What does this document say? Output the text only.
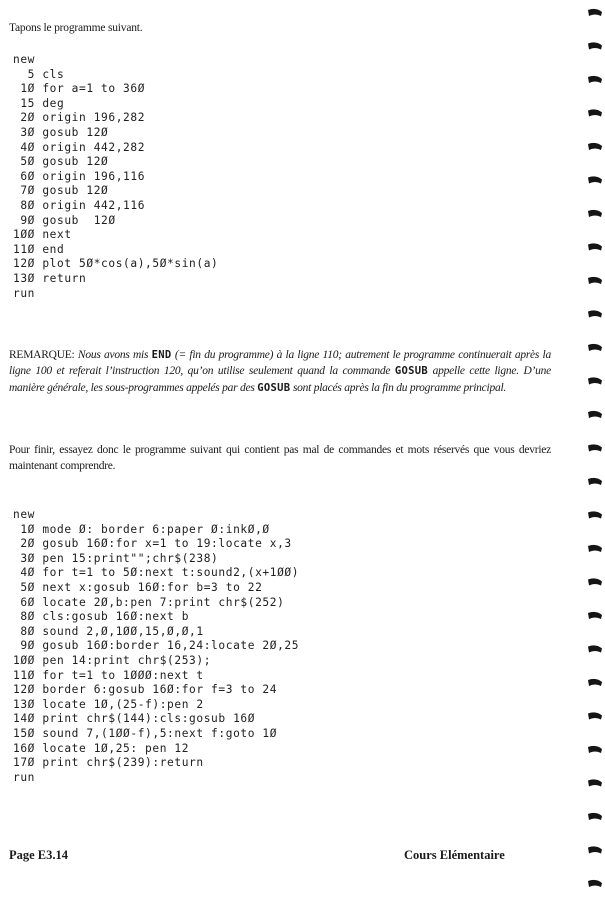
Tapons le programme suivant.
new
5 cls
1Ø for a=1 to 36Ø
15 deg
2Ø origin 196,282
3Ø gosub 12Ø
4Ø origin 442,282
5Ø gosub 12Ø
6Ø origin 196,116
7Ø gosub 12Ø
8Ø origin 442,116
9Ø gosub  12Ø
1ØØ next
11Ø end
12Ø plot 5Ø*cos(a),5Ø*sin(a)
13Ø return
run
REMARQUE: Nous avons mis END (= fin du programme) à la ligne 110; autrement le programme continuerait après la ligne 100 et referait l’instruction 120, qu’on utilise seulement quand la commande GOSUB appelle cette ligne. D’une manière générale, les sous-programmes appelés par des GOSUB sont placés après la fin du programme principal.
Pour finir, essayez donc le programme suivant qui contient pas mal de commandes et mots réservés que vous devriez maintenant comprendre.
new
1Ø mode Ø: border 6:paper Ø:inkØ,Ø
2Ø gosub 16Ø:for x=1 to 19:locate x,3
3Ø pen 15:print"";chr$(238)
4Ø for t=1 to 5Ø:next t:sound2,(x+1ØØ)
5Ø next x:gosub 16Ø:for b=3 to 22
6Ø locate 2Ø,b:pen 7:print chr$(252)
8Ø cls:gosub 16Ø:next b
8Ø sound 2,Ø,1ØØ,15,Ø,Ø,1
9Ø gosub 16Ø:border 16,24:locate 2Ø,25
1ØØ pen 14:print chr$(253);
11Ø for t=1 to 1ØØØ:next t
12Ø border 6:gosub 16Ø:for f=3 to 24
13Ø locate 1Ø,(25-f):pen 2
14Ø print chr$(144):cls:gosub 16Ø
15Ø sound 7,(1ØØ-f),5:next f:goto 1Ø
16Ø locate 1Ø,25: pen 12
17Ø print chr$(239):return
run
Page E3.14	Cours Elémentaire
